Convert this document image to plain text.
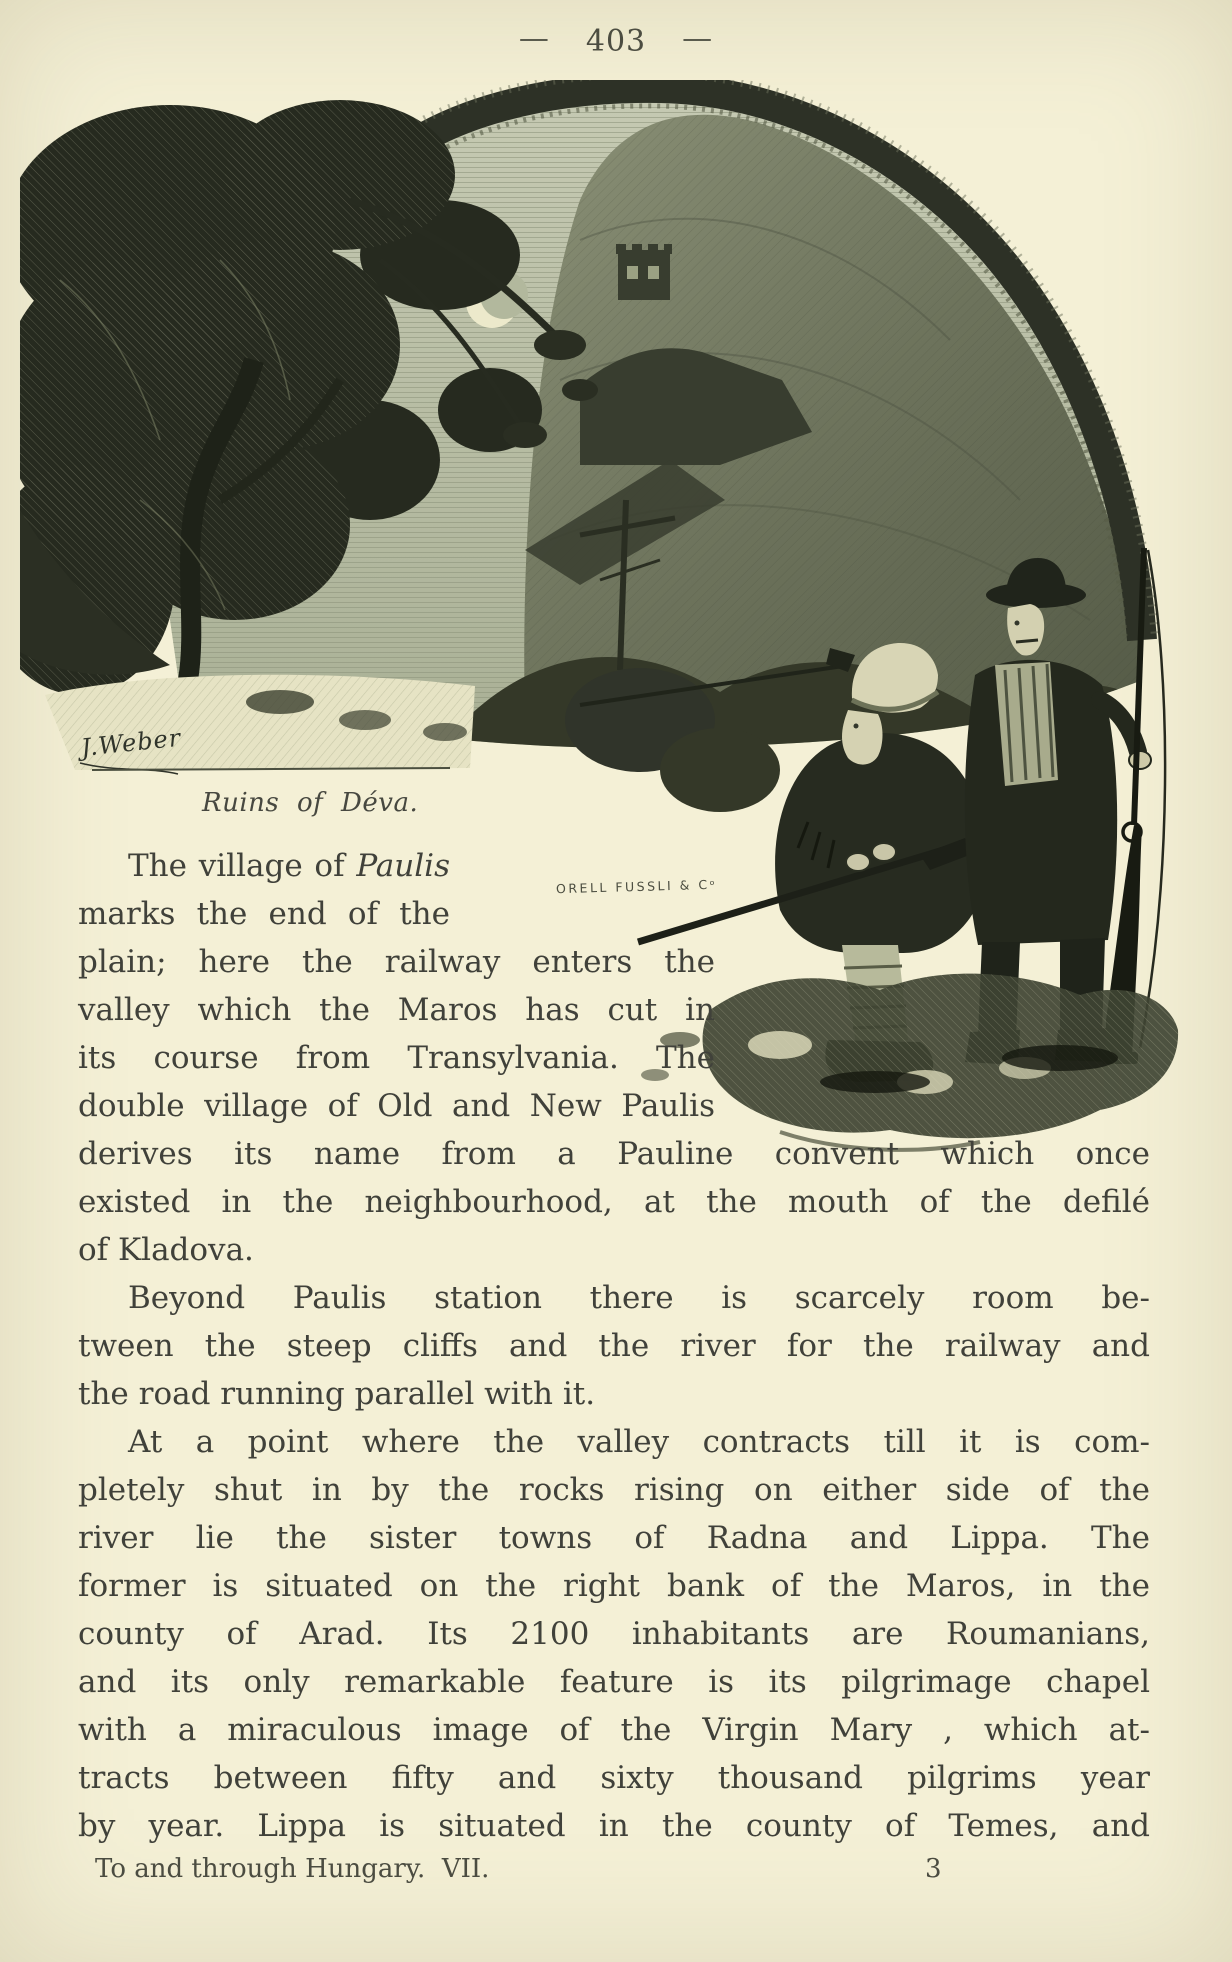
— 403 —
J.Weber
Ruins of Déva.
ORELL FUSSLI & Cᵒ
The village of Paulis
marks the end of the
plain; here the railway enters the
valley which the Maros has cut in
its course from Transylvania. The
double village of Old and New Paulis
derives its name from a Pauline convent which once
existed in the neighbourhood, at the mouth of the defilé
of Kladova.
Beyond Paulis station there is scarcely room be-
tween the steep cliffs and the river for the railway and
the road running parallel with it.
At a point where the valley contracts till it is com-
pletely shut in by the rocks rising on either side of the
river lie the sister towns of Radna and Lippa. The
former is situated on the right bank of the Maros, in the
county of Arad. Its 2100 inhabitants are Roumanians,
and its only remarkable feature is its pilgrimage chapel
with a miraculous image of the Virgin Mary , which at-
tracts between fifty and sixty thousand pilgrims year
by year. Lippa is situated in the county of Temes, and
To and through Hungary.  VII.	3
